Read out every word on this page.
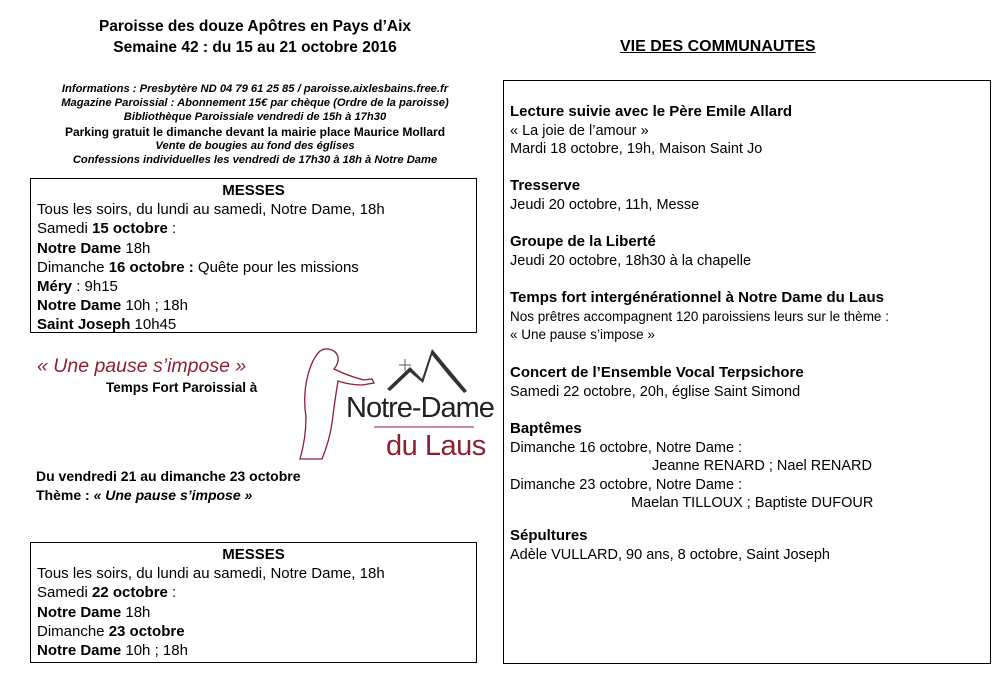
Paroisse des douze Apôtres en Pays d’Aix
Semaine 42 : du 15 au 21 octobre 2016
Informations : Presbytère ND 04 79 61 25 85 / paroisse.aixlesbains.free.fr
Magazine Paroissial : Abonnement 15€ par chèque (Ordre de la paroisse)
Bibliothèque Paroissiale vendredi de 15h à 17h30
Parking gratuit le dimanche devant la mairie place Maurice Mollard
Vente de bougies au fond des églises
Confessions individuelles les vendredi de 17h30 à 18h à Notre Dame
MESSES
Tous les soirs, du lundi au samedi, Notre Dame, 18h
Samedi 15 octobre :
Notre Dame 18h
Dimanche 16 octobre : Quête pour les missions
Méry : 9h15
Notre Dame 10h ; 18h
Saint Joseph 10h45
« Une pause s’impose »
Temps Fort Paroissial à
Notre-Dame
du Laus
Du vendredi 21 au dimanche 23 octobre
Thème : « Une pause s’impose »
MESSES
Tous les soirs, du lundi au samedi, Notre Dame, 18h
Samedi 22 octobre :
Notre Dame 18h
Dimanche 23 octobre
Notre Dame 10h ; 18h
VIE DES COMMUNAUTES
Lecture suivie avec le Père Emile Allard
« La joie de l’amour »
Mardi 18 octobre, 19h, Maison Saint Jo
Tresserve
Jeudi 20 octobre, 11h, Messe
Groupe de la Liberté
Jeudi 20 octobre, 18h30 à la chapelle
Temps fort intergénérationnel à Notre Dame du Laus
Nos prêtres accompagnent 120 paroissiens leurs sur le thème :
« Une pause s’impose »
Concert de l’Ensemble Vocal Terpsichore
Samedi 22 octobre, 20h, église Saint Simond
Baptêmes
Dimanche 16 octobre, Notre Dame :
Jeanne RENARD ; Nael RENARD
Dimanche 23 octobre, Notre Dame :
Maelan TILLOUX ; Baptiste DUFOUR
Sépultures
Adèle VULLARD, 90 ans, 8 octobre, Saint Joseph
